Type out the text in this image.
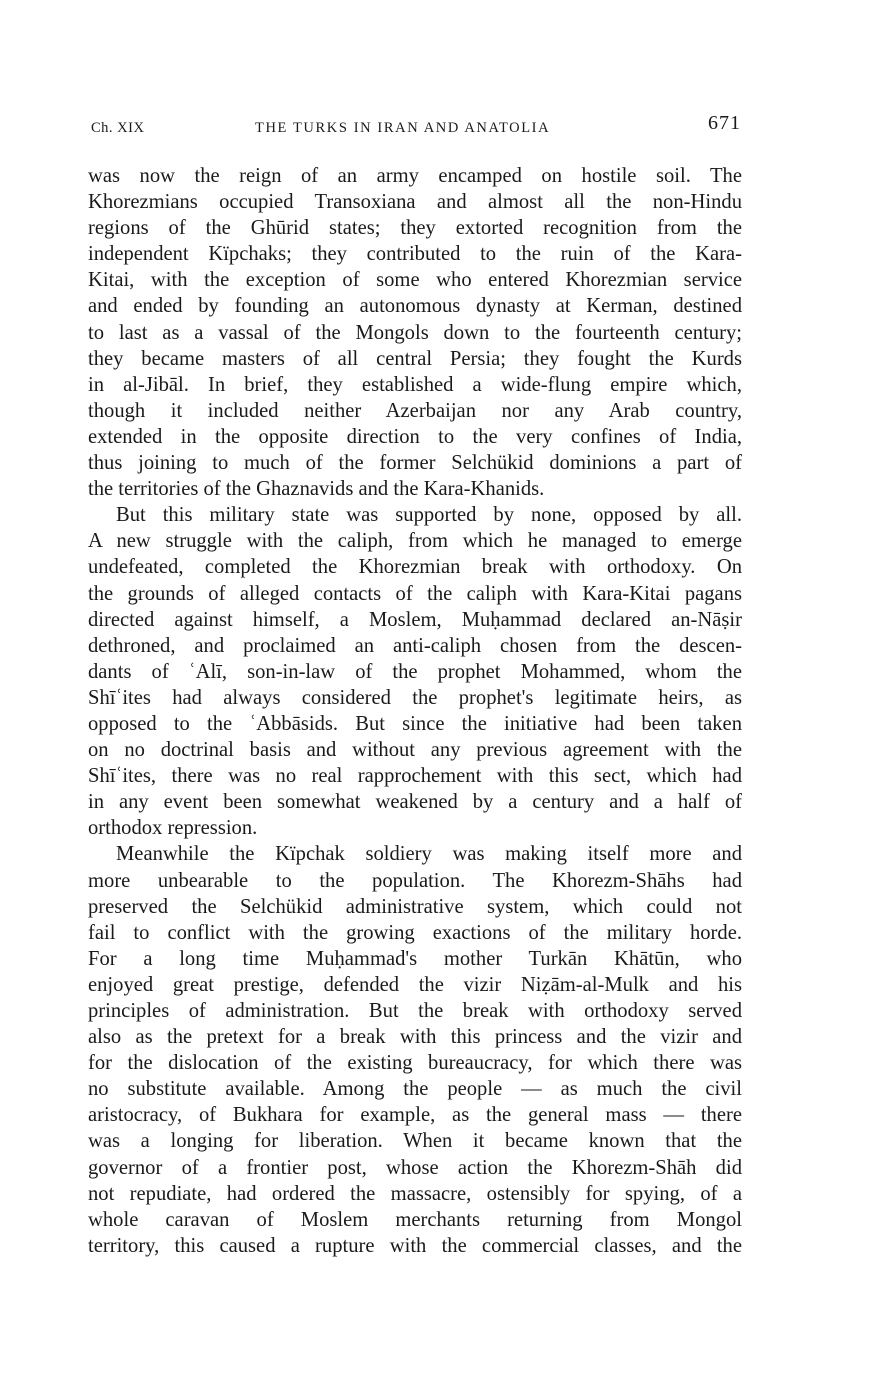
Ch. XIX	THE TURKS IN IRAN AND ANATOLIA	671
was now the reign of an army encamped on hostile soil. The
Khorezmians occupied Transoxiana and almost all the non-Hindu
regions of the Ghūrid states; they extorted recognition from the
independent Kïpchaks; they contributed to the ruin of the Kara-
Kitai, with the exception of some who entered Khorezmian service
and ended by founding an autonomous dynasty at Kerman, destined
to last as a vassal of the Mongols down to the fourteenth century;
they became masters of all central Persia; they fought the Kurds
in al-Jibāl. In brief, they established a wide-flung empire which,
though it included neither Azerbaijan nor any Arab country,
extended in the opposite direction to the very confines of India,
thus joining to much of the former Selchükid dominions a part of
the territories of the Ghaznavids and the Kara-Khanids.
But this military state was supported by none, opposed by all.
A new struggle with the caliph, from which he managed to emerge
undefeated, completed the Khorezmian break with orthodoxy. On
the grounds of alleged contacts of the caliph with Kara-Kitai pagans
directed against himself, a Moslem, Muḥammad declared an-Nāṣir
dethroned, and proclaimed an anti-caliph chosen from the descen-
dants of ʿAlī, son-in-law of the prophet Mohammed, whom the
Shīʿites had always considered the prophet's legitimate heirs, as
opposed to the ʿAbbāsids. But since the initiative had been taken
on no doctrinal basis and without any previous agreement with the
Shīʿites, there was no real rapprochement with this sect, which had
in any event been somewhat weakened by a century and a half of
orthodox repression.
Meanwhile the Kïpchak soldiery was making itself more and
more unbearable to the population. The Khorezm-Shāhs had
preserved the Selchükid administrative system, which could not
fail to conflict with the growing exactions of the military horde.
For a long time Muḥammad's mother Turkān Khātūn, who
enjoyed great prestige, defended the vizir Niẓām-al-Mulk and his
principles of administration. But the break with orthodoxy served
also as the pretext for a break with this princess and the vizir and
for the dislocation of the existing bureaucracy, for which there was
no substitute available. Among the people — as much the civil
aristocracy, of Bukhara for example, as the general mass — there
was a longing for liberation. When it became known that the
governor of a frontier post, whose action the Khorezm-Shāh did
not repudiate, had ordered the massacre, ostensibly for spying, of a
whole caravan of Moslem merchants returning from Mongol
territory, this caused a rupture with the commercial classes, and the
